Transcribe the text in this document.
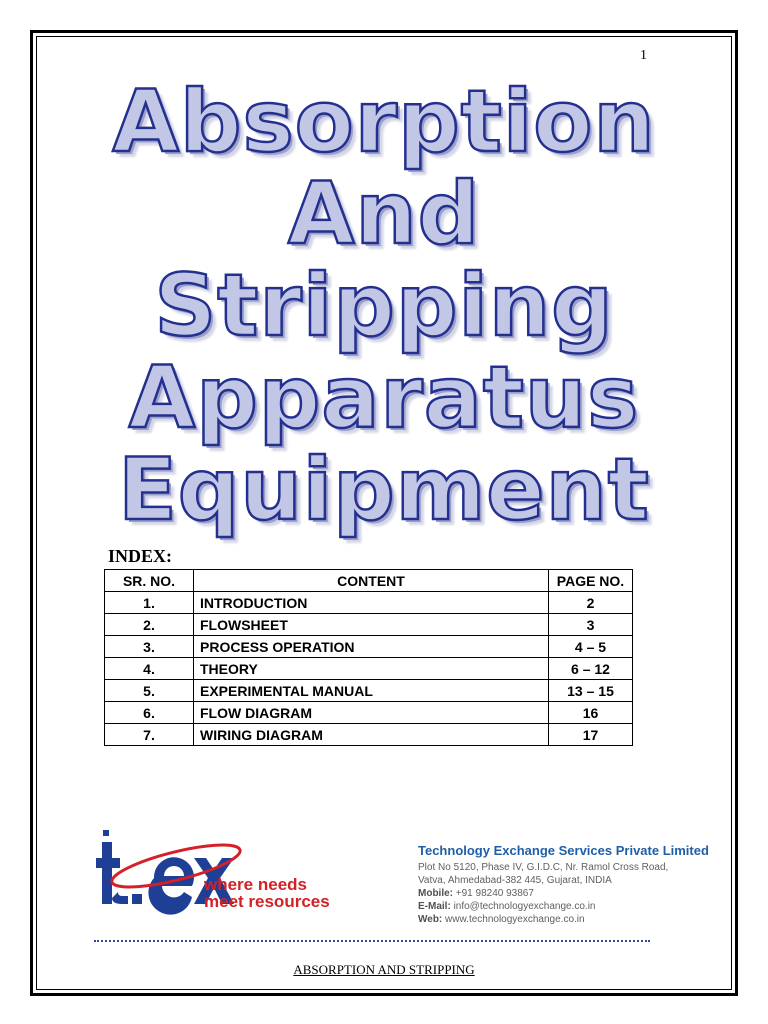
1
Absorption
And
Stripping
Apparatus
Equipment
INDEX:
SR. NO.	CONTENT	PAGE NO.
1.	INTRODUCTION	2
2.	FLOWSHEET	3
3.	PROCESS OPERATION	4 – 5
4.	THEORY	6 – 12
5.	EXPERIMENTAL MANUAL	13 – 15
6.	FLOW DIAGRAM	16
7.	WIRING DIAGRAM	17
where needs
meet resources
Technology Exchange Services Private Limited
Plot No 5120, Phase IV, G.I.D.C, Nr. Ramol Cross Road,
Vatva, Ahmedabad-382 445, Gujarat, INDIA
Mobile: +91 98240 93867
E-Mail: info@technologyexchange.co.in
Web: www.technologyexchange.co.in
ABSORPTION AND STRIPPING
